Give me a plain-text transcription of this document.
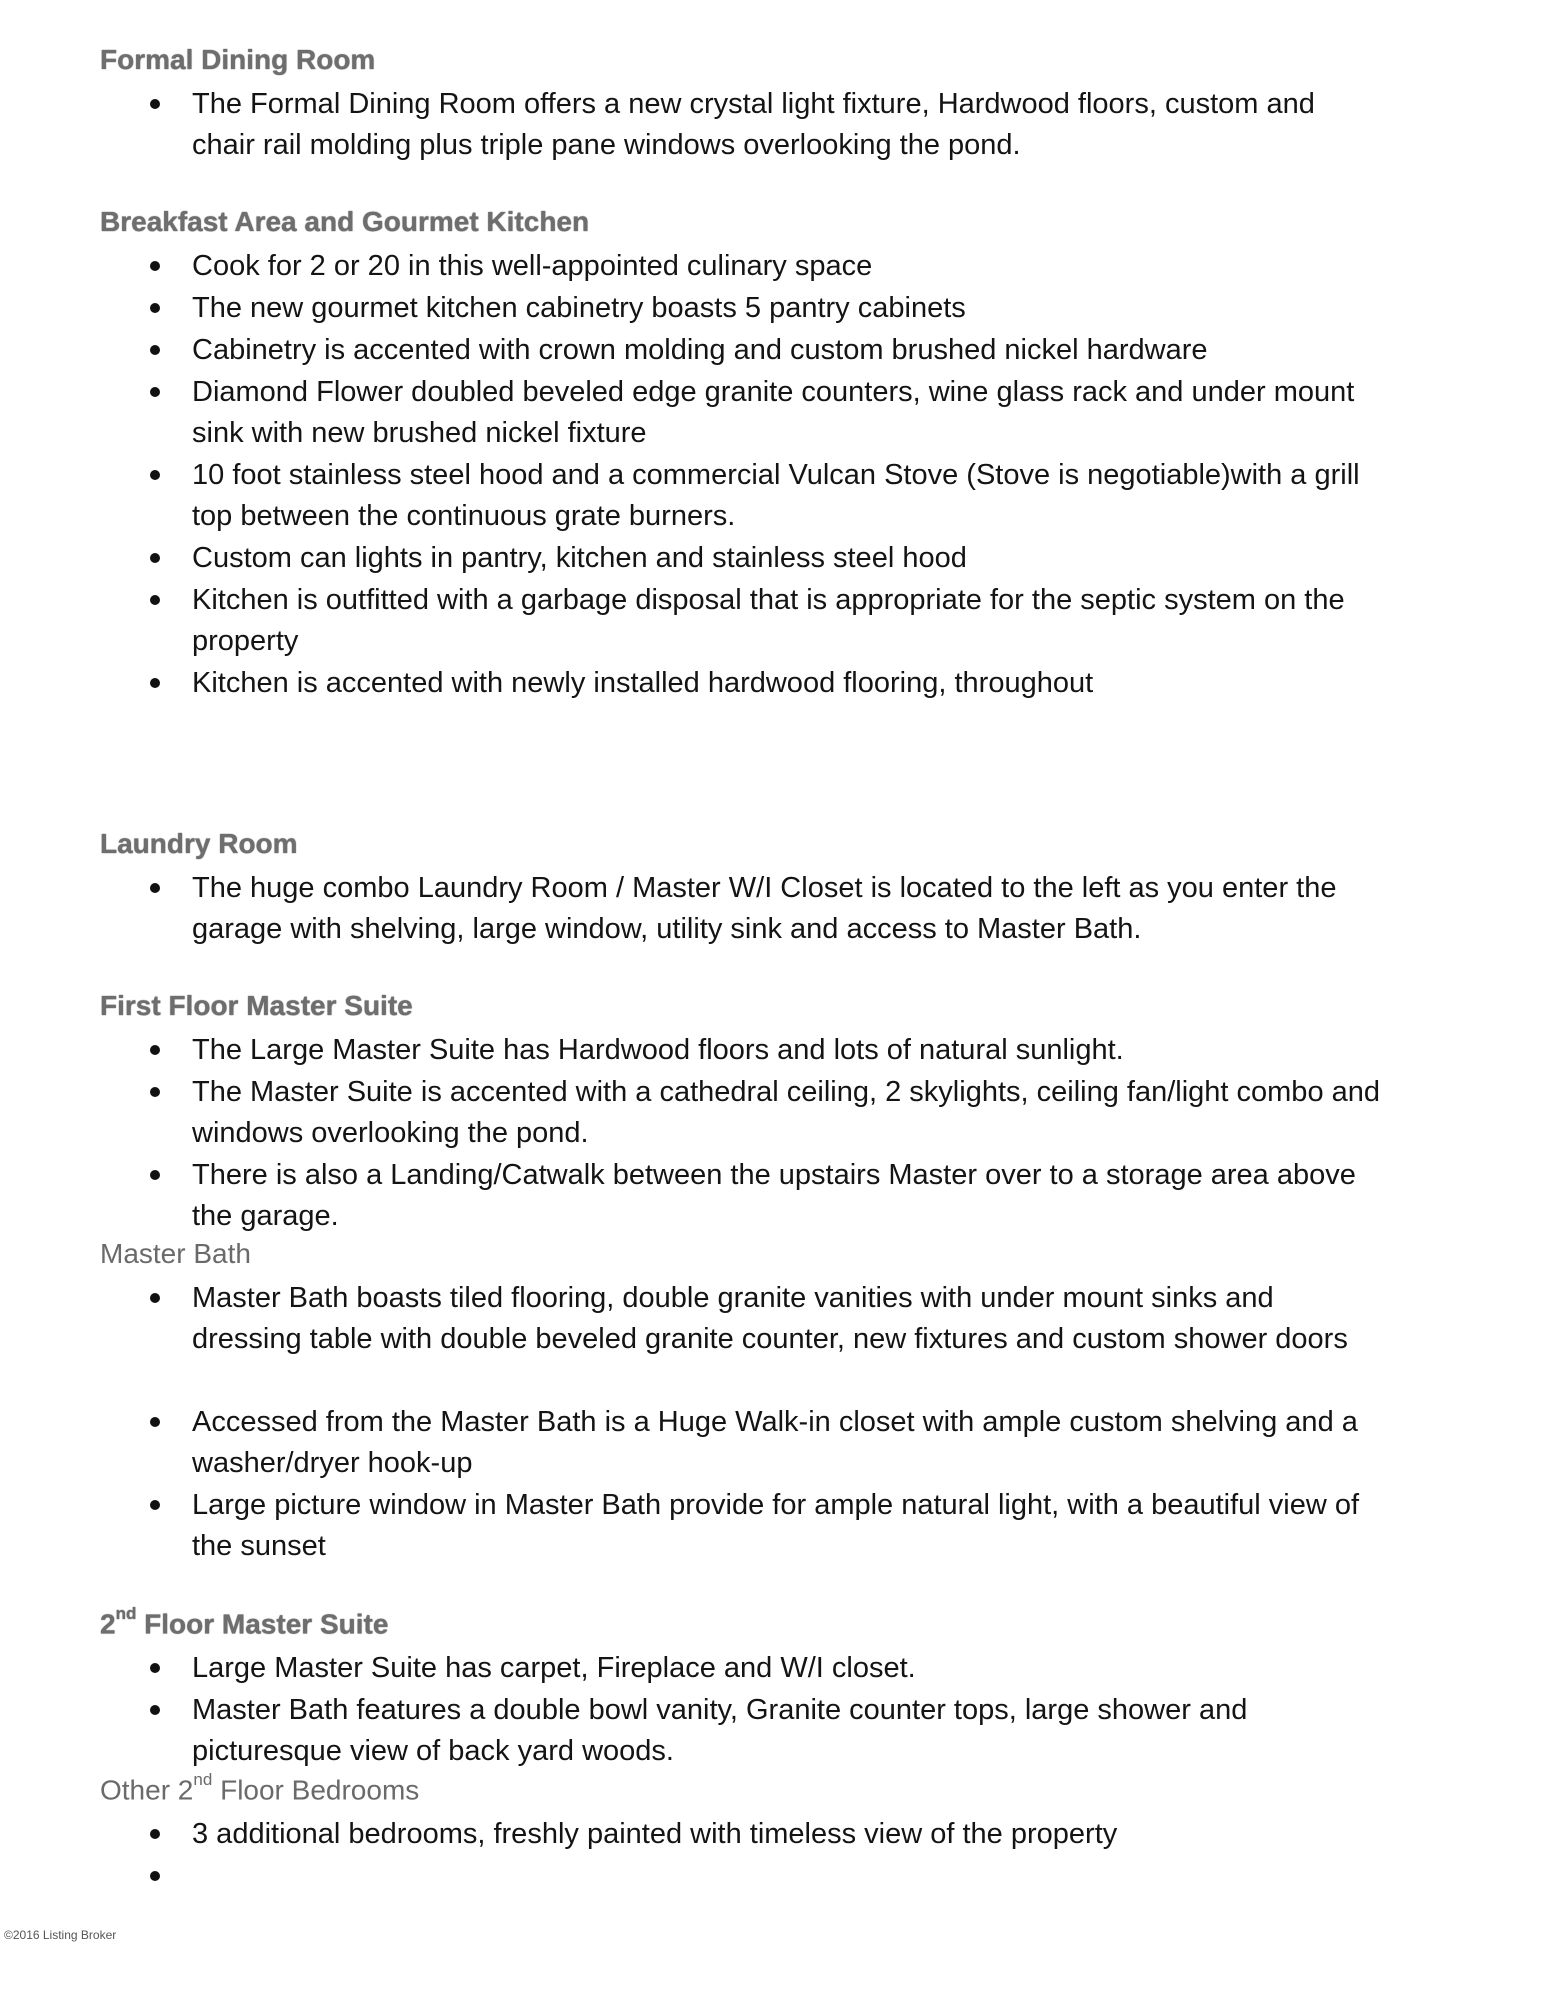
Formal Dining Room
The Formal Dining Room offers a new crystal light fixture, Hardwood floors, custom and chair rail molding plus triple pane windows overlooking the pond.
Breakfast Area and Gourmet Kitchen
Cook for 2 or 20 in this well-appointed culinary space
The new gourmet kitchen cabinetry boasts 5 pantry cabinets
Cabinetry is accented with crown molding and custom brushed nickel hardware
Diamond Flower doubled beveled edge granite counters, wine glass rack and under mount sink with new brushed nickel fixture
10 foot stainless steel hood and a commercial Vulcan Stove (Stove is negotiable)with a grill top between the continuous grate burners.
Custom can lights in pantry, kitchen and stainless steel hood
Kitchen is outfitted with a garbage disposal that is appropriate for the septic system on the property
Kitchen is accented with newly installed hardwood flooring, throughout
Laundry Room
The huge combo Laundry Room / Master W/I Closet is located to the left as you enter the garage with shelving, large window, utility sink and access to Master Bath.
First Floor Master Suite
The Large Master Suite has Hardwood floors and lots of natural sunlight.
The Master Suite is accented with a cathedral ceiling, 2 skylights, ceiling fan/light combo and windows overlooking the pond.
There is also a Landing/Catwalk between the upstairs Master over to a storage area above the garage.
Master Bath
Master Bath boasts tiled flooring, double granite vanities with under mount sinks and dressing table with double beveled granite counter, new fixtures and custom shower doors
Accessed from the Master Bath is a Huge Walk-in closet with ample custom shelving and a washer/dryer hook-up
Large picture window in Master Bath provide for ample natural light, with a beautiful view of the sunset
2nd Floor Master Suite
Large Master Suite has carpet, Fireplace and W/I closet.
Master Bath features a double bowl vanity, Granite counter tops, large shower and picturesque view of back yard woods.
Other 2nd Floor Bedrooms
3 additional bedrooms, freshly painted with timeless view of the property
©2016 Listing Broker
